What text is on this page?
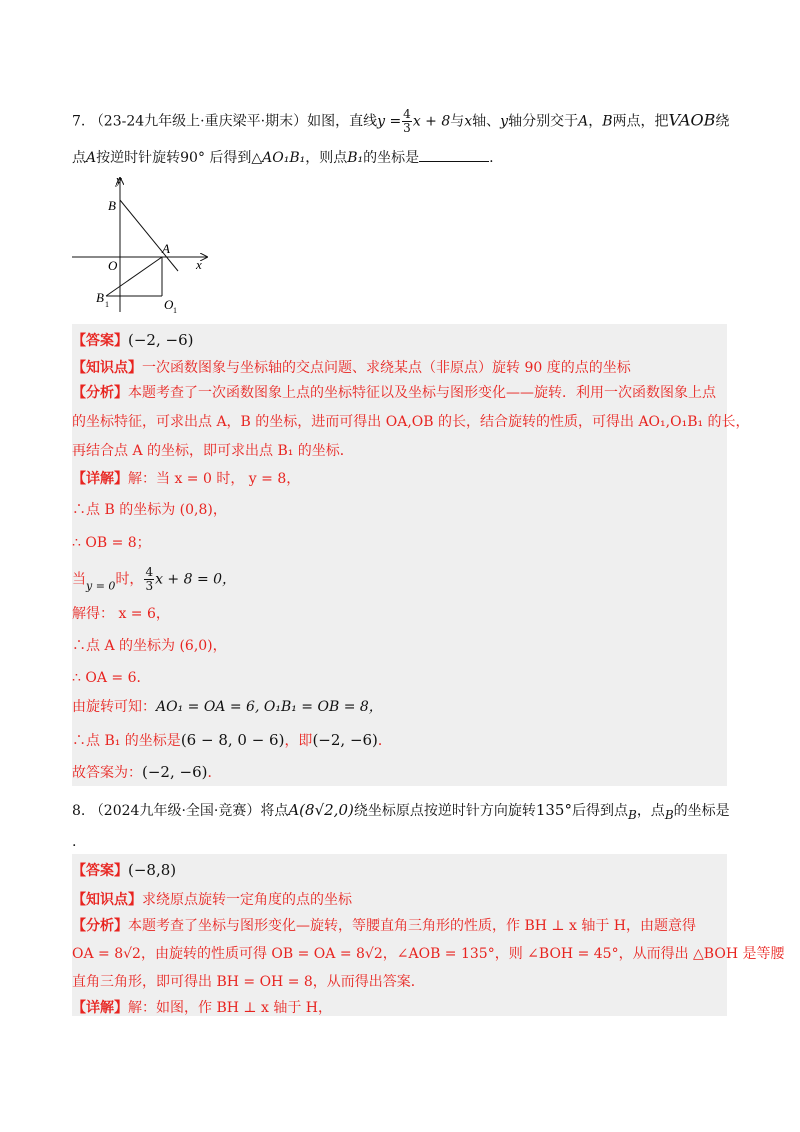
7. （23-24九年级上·重庆梁平·期末）如图，直线$y = \frac{4}{3}$ x + 8与x轴、y轴分别交于A，B两点，把VAOB绕
点A按逆时针旋转90° 后得到△AO₁B₁，则点B₁的坐标是	.
y
x
B
A
O
B 1	O 1
【答案】(−2, −6)
【知识点】一次函数图象与坐标轴的交点问题、求绕某点（非原点）旋转 90 度的点的坐标
【分析】本题考查了一次函数图象上点的坐标特征以及坐标与图形变化——旋转．利用一次函数图象上点
的坐标特征，可求出点 A，B 的坐标，进而可得出 OA,OB 的长，结合旋转的性质，可得出 AO₁,O₁B₁ 的长，
再结合点 A 的坐标，即可求出点 B₁ 的坐标．
【详解】解：当 x = 0 时， y = 8，
∴点 B 的坐标为 (0,8)，
∴ OB = 8；
当$_{y = 0}$时， $\frac{4}{3}$ x + 8 = 0，
解得： x = 6，
∴点 A 的坐标为 (6,0)，
∴ OA = 6．
由旋转可知：AO₁ = OA = 6, O₁B₁ = OB = 8，
∴点 B₁ 的坐标是(6 − 8, 0 − 6)，即(−2, −6)．
故答案为：(−2, −6)．
8. （2024九年级·全国·竞赛）将点A(8√2,0)绕坐标原点按逆时针方向旋转135°后得到点B，点B的坐标是
.
【答案】(−8,8)
【知识点】求绕原点旋转一定角度的点的坐标
【分析】本题考查了坐标与图形变化—旋转，等腰直角三角形的性质，作 BH ⊥ x 轴于 H，由题意得
OA = 8√2，由旋转的性质可得 OB = OA = 8√2，∠AOB = 135°，则 ∠BOH = 45°，从而得出 △BOH 是等腰
直角三角形，即可得出 BH = OH = 8，从而得出答案．
【详解】解：如图，作 BH ⊥ x 轴于 H，
